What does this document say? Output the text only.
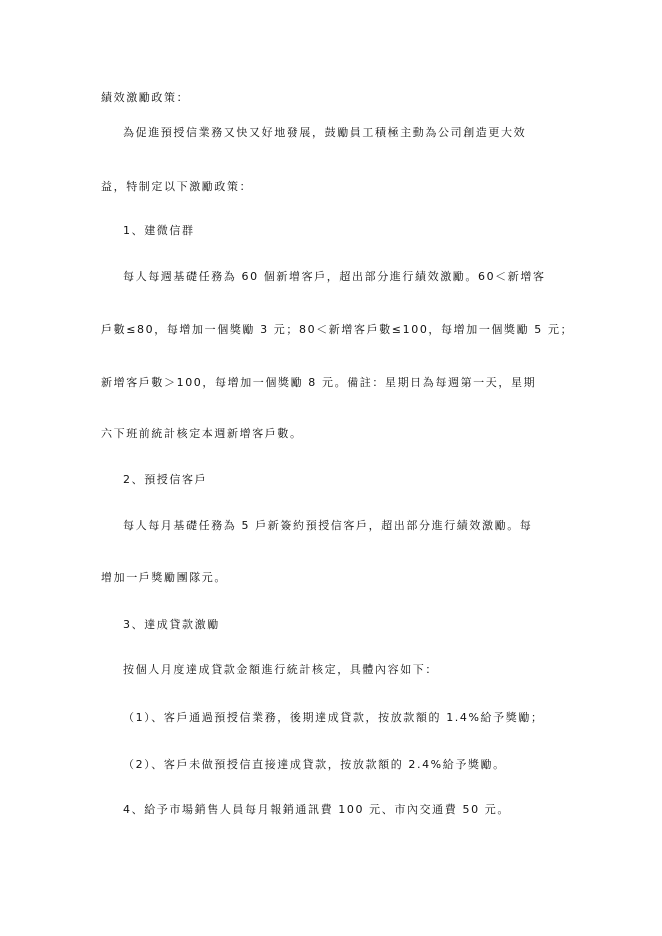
績效激勵政策：
為促進預授信業務又快又好地發展，鼓勵員工積極主動為公司創造更大效
益，特制定以下激勵政策：
1、建微信群
每人每週基礎任務為 60 個新增客戶，超出部分進行績效激勵。60＜新增客
戶數≤80，每增加一個獎勵 3 元；80＜新增客戶數≤100，每增加一個獎勵 5 元；
新增客戶數＞100，每增加一個獎勵 8 元。備註：星期日為每週第一天，星期
六下班前統計核定本週新增客戶數。
2、預授信客戶
每人每月基礎任務為 5 戶新簽約預授信客戶，超出部分進行績效激勵。每
增加一戶獎勵團隊元。
3、達成貸款激勵
按個人月度達成貸款金額進行統計核定，具體內容如下：
（1）、客戶通過預授信業務，後期達成貸款，按放款額的 1.4%給予獎勵；
（2）、客戶未做預授信直接達成貸款，按放款額的 2.4%給予獎勵。
4、給予市場銷售人員每月報銷通訊費 100 元、市內交通費 50 元。
